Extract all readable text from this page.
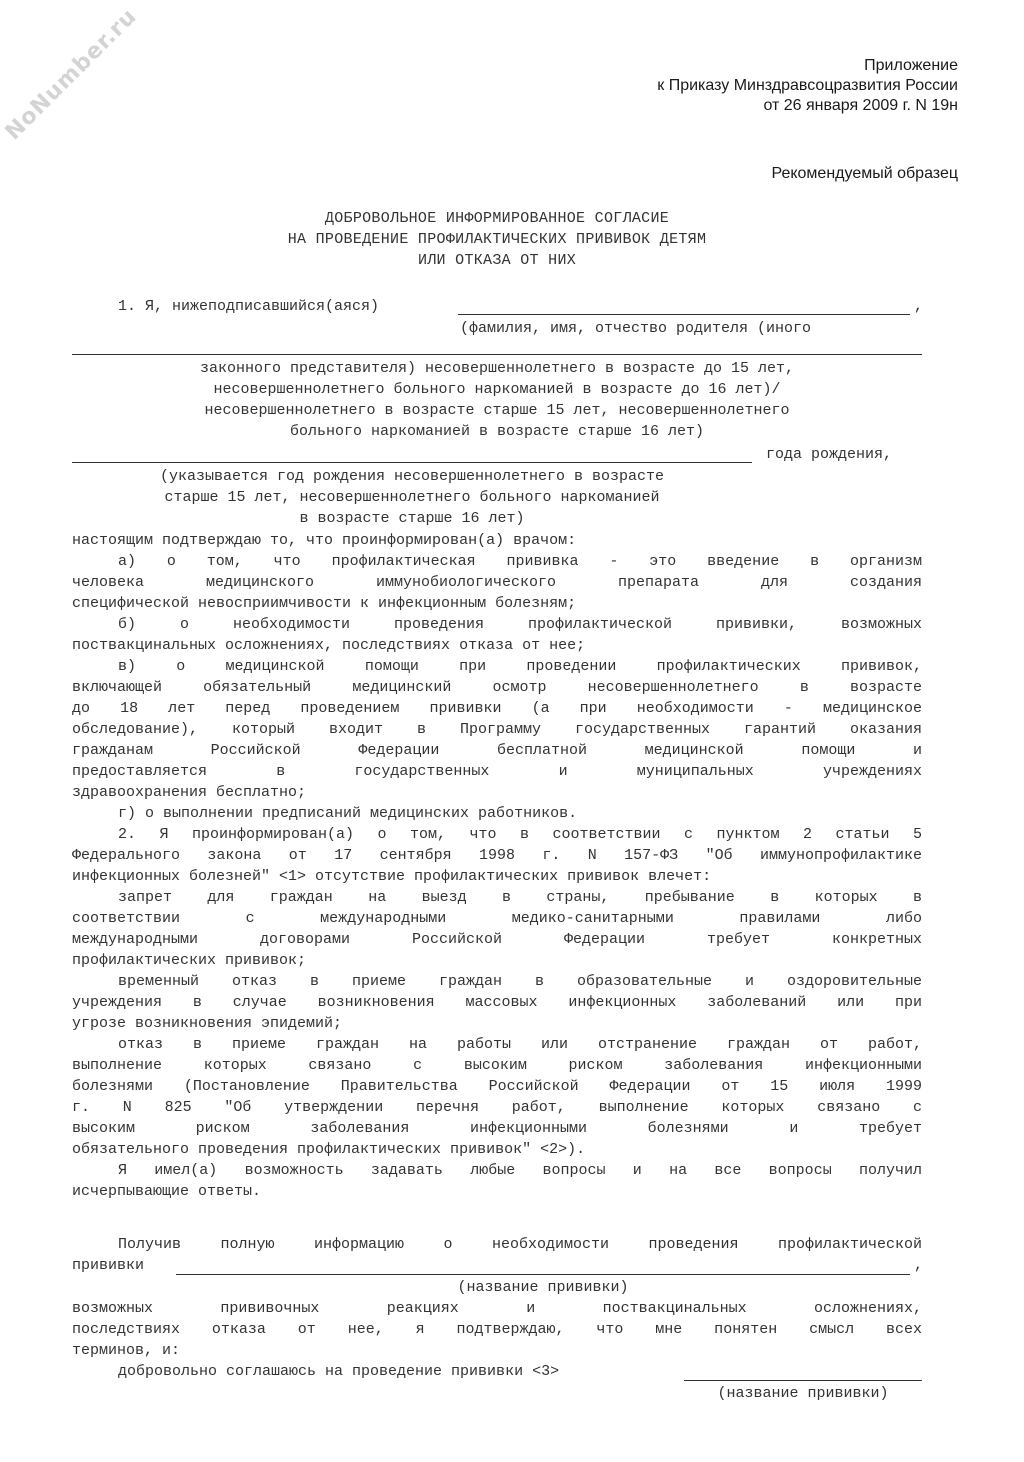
NoNumber.ru	Приложение
к Приказу Минздравсоцразвития России
от 26 января 2009 г. N 19н
Рекомендуемый образец
ДОБРОВОЛЬНОЕ ИНФОРМИРОВАННОЕ СОГЛАСИЕ
НА ПРОВЕДЕНИЕ ПРОФИЛАКТИЧЕСКИХ ПРИВИВОК ДЕТЯМ
ИЛИ ОТКАЗА ОТ НИХ
1. Я, нижеподписавшийся(аяся)	,
(фамилия, имя, отчество родителя (иного
законного представителя) несовершеннолетнего в возрасте до 15 лет,
несовершеннолетнего больного наркоманией в возрасте до 16 лет)/
несовершеннолетнего в возрасте старше 15 лет, несовершеннолетнего
больного наркоманией в возрасте старше 16 лет)
года рождения,
(указывается год рождения несовершеннолетнего в возрасте
старше 15 лет, несовершеннолетнего больного наркоманией
в возрасте старше 16 лет)
настоящим подтверждаю то, что проинформирован(а) врачом:
а) о том, что профилактическая прививка - это введение в организм
человека медицинского иммунобиологического препарата для создания
специфической невосприимчивости к инфекционным болезням;
б) о необходимости проведения профилактической прививки, возможных
поствакцинальных осложнениях, последствиях отказа от нее;
в) о медицинской помощи при проведении профилактических прививок,
включающей обязательный медицинский осмотр несовершеннолетнего в возрасте
до 18 лет перед проведением прививки (а при необходимости - медицинское
обследование), который входит в Программу государственных гарантий оказания
гражданам Российской Федерации бесплатной медицинской помощи и
предоставляется в государственных и муниципальных учреждениях
здравоохранения бесплатно;
г) о выполнении предписаний медицинских работников.
2. Я проинформирован(а) о том, что в соответствии с пунктом 2 статьи 5
Федерального закона от 17 сентября 1998 г. N 157-ФЗ "Об иммунопрофилактике
инфекционных болезней" <1> отсутствие профилактических прививок влечет:
запрет для граждан на выезд в страны, пребывание в которых в
соответствии с международными медико-санитарными правилами либо
международными договорами Российской Федерации требует конкретных
профилактических прививок;
временный отказ в приеме граждан в образовательные и оздоровительные
учреждения в случае возникновения массовых инфекционных заболеваний или при
угрозе возникновения эпидемий;
отказ в приеме граждан на работы или отстранение граждан от работ,
выполнение которых связано с высоким риском заболевания инфекционными
болезнями (Постановление Правительства Российской Федерации от 15 июля 1999
г. N 825 "Об утверждении перечня работ, выполнение которых связано с
высоким риском заболевания инфекционными болезнями и требует
обязательного проведения профилактических прививок" <2>).
Я имел(а) возможность задавать любые вопросы и на все вопросы получил
исчерпывающие ответы.
Получив полную информацию о необходимости проведения профилактической
прививки	,
(название прививки)
возможных прививочных реакциях и поствакцинальных осложнениях,
последствиях отказа от нее, я подтверждаю, что мне понятен смысл всех
терминов, и:
добровольно соглашаюсь на проведение прививки <3>
(название прививки)
